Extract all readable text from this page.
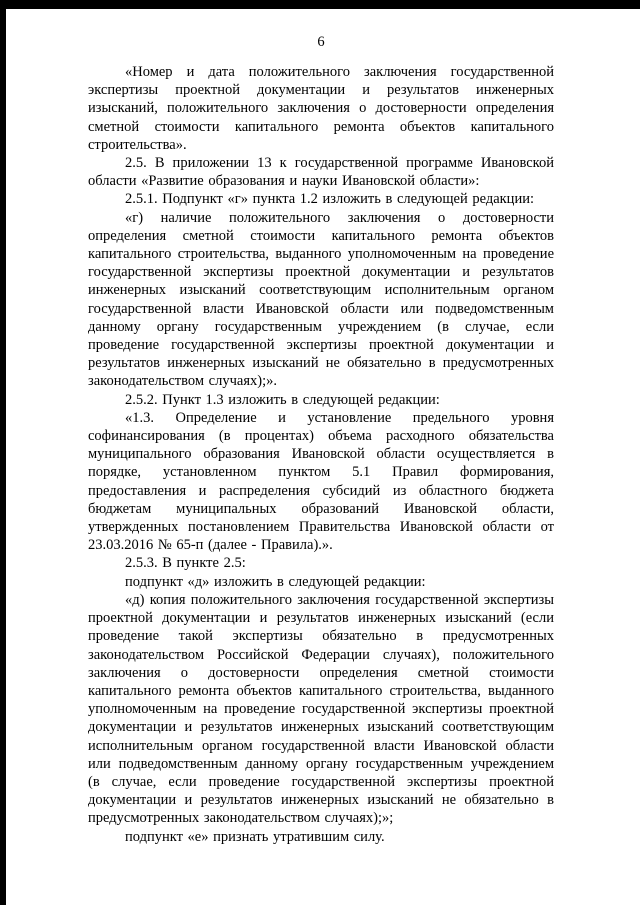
6

«Номер и дата положительного заключения государственной экспертизы проектной документации и результатов инженерных изысканий, положительного заключения о достоверности определения сметной стоимости капитального ремонта объектов капитального строительства».

2.5. В приложении 13 к государственной программе Ивановской области «Развитие образования и науки Ивановской области»:

2.5.1. Подпункт «г» пункта 1.2 изложить в следующей редакции:

«г) наличие положительного заключения о достоверности определения сметной стоимости капитального ремонта объектов капитального строительства, выданного уполномоченным на проведение государственной экспертизы проектной документации и результатов инженерных изысканий соответствующим исполнительным органом государственной власти Ивановской области или подведомственным данному органу государственным учреждением (в случае, если проведение государственной экспертизы проектной документации и результатов инженерных изысканий не обязательно в предусмотренных законодательством случаях);».

2.5.2. Пункт 1.3 изложить в следующей редакции:

«1.3. Определение и установление предельного уровня софинансирования (в процентах) объема расходного обязательства муниципального образования Ивановской области осуществляется в порядке, установленном пунктом 5.1 Правил формирования, предоставления и распределения субсидий из областного бюджета бюджетам муниципальных образований Ивановской области, утвержденных постановлением Правительства Ивановской области от 23.03.2016 № 65-п (далее - Правила).».

2.5.3. В пункте 2.5:

подпункт «д» изложить в следующей редакции:

«д) копия положительного заключения государственной экспертизы проектной документации и результатов инженерных изысканий (если проведение такой экспертизы обязательно в предусмотренных законодательством Российской Федерации случаях), положительного заключения о достоверности определения сметной стоимости капитального ремонта объектов капитального строительства, выданного уполномоченным на проведение государственной экспертизы проектной документации и результатов инженерных изысканий соответствующим исполнительным органом государственной власти Ивановской области или подведомственным данному органу государственным учреждением (в случае, если проведение государственной экспертизы проектной документации и результатов инженерных изысканий не обязательно в предусмотренных законодательством случаях);»;

подпункт «е» признать утратившим силу.
